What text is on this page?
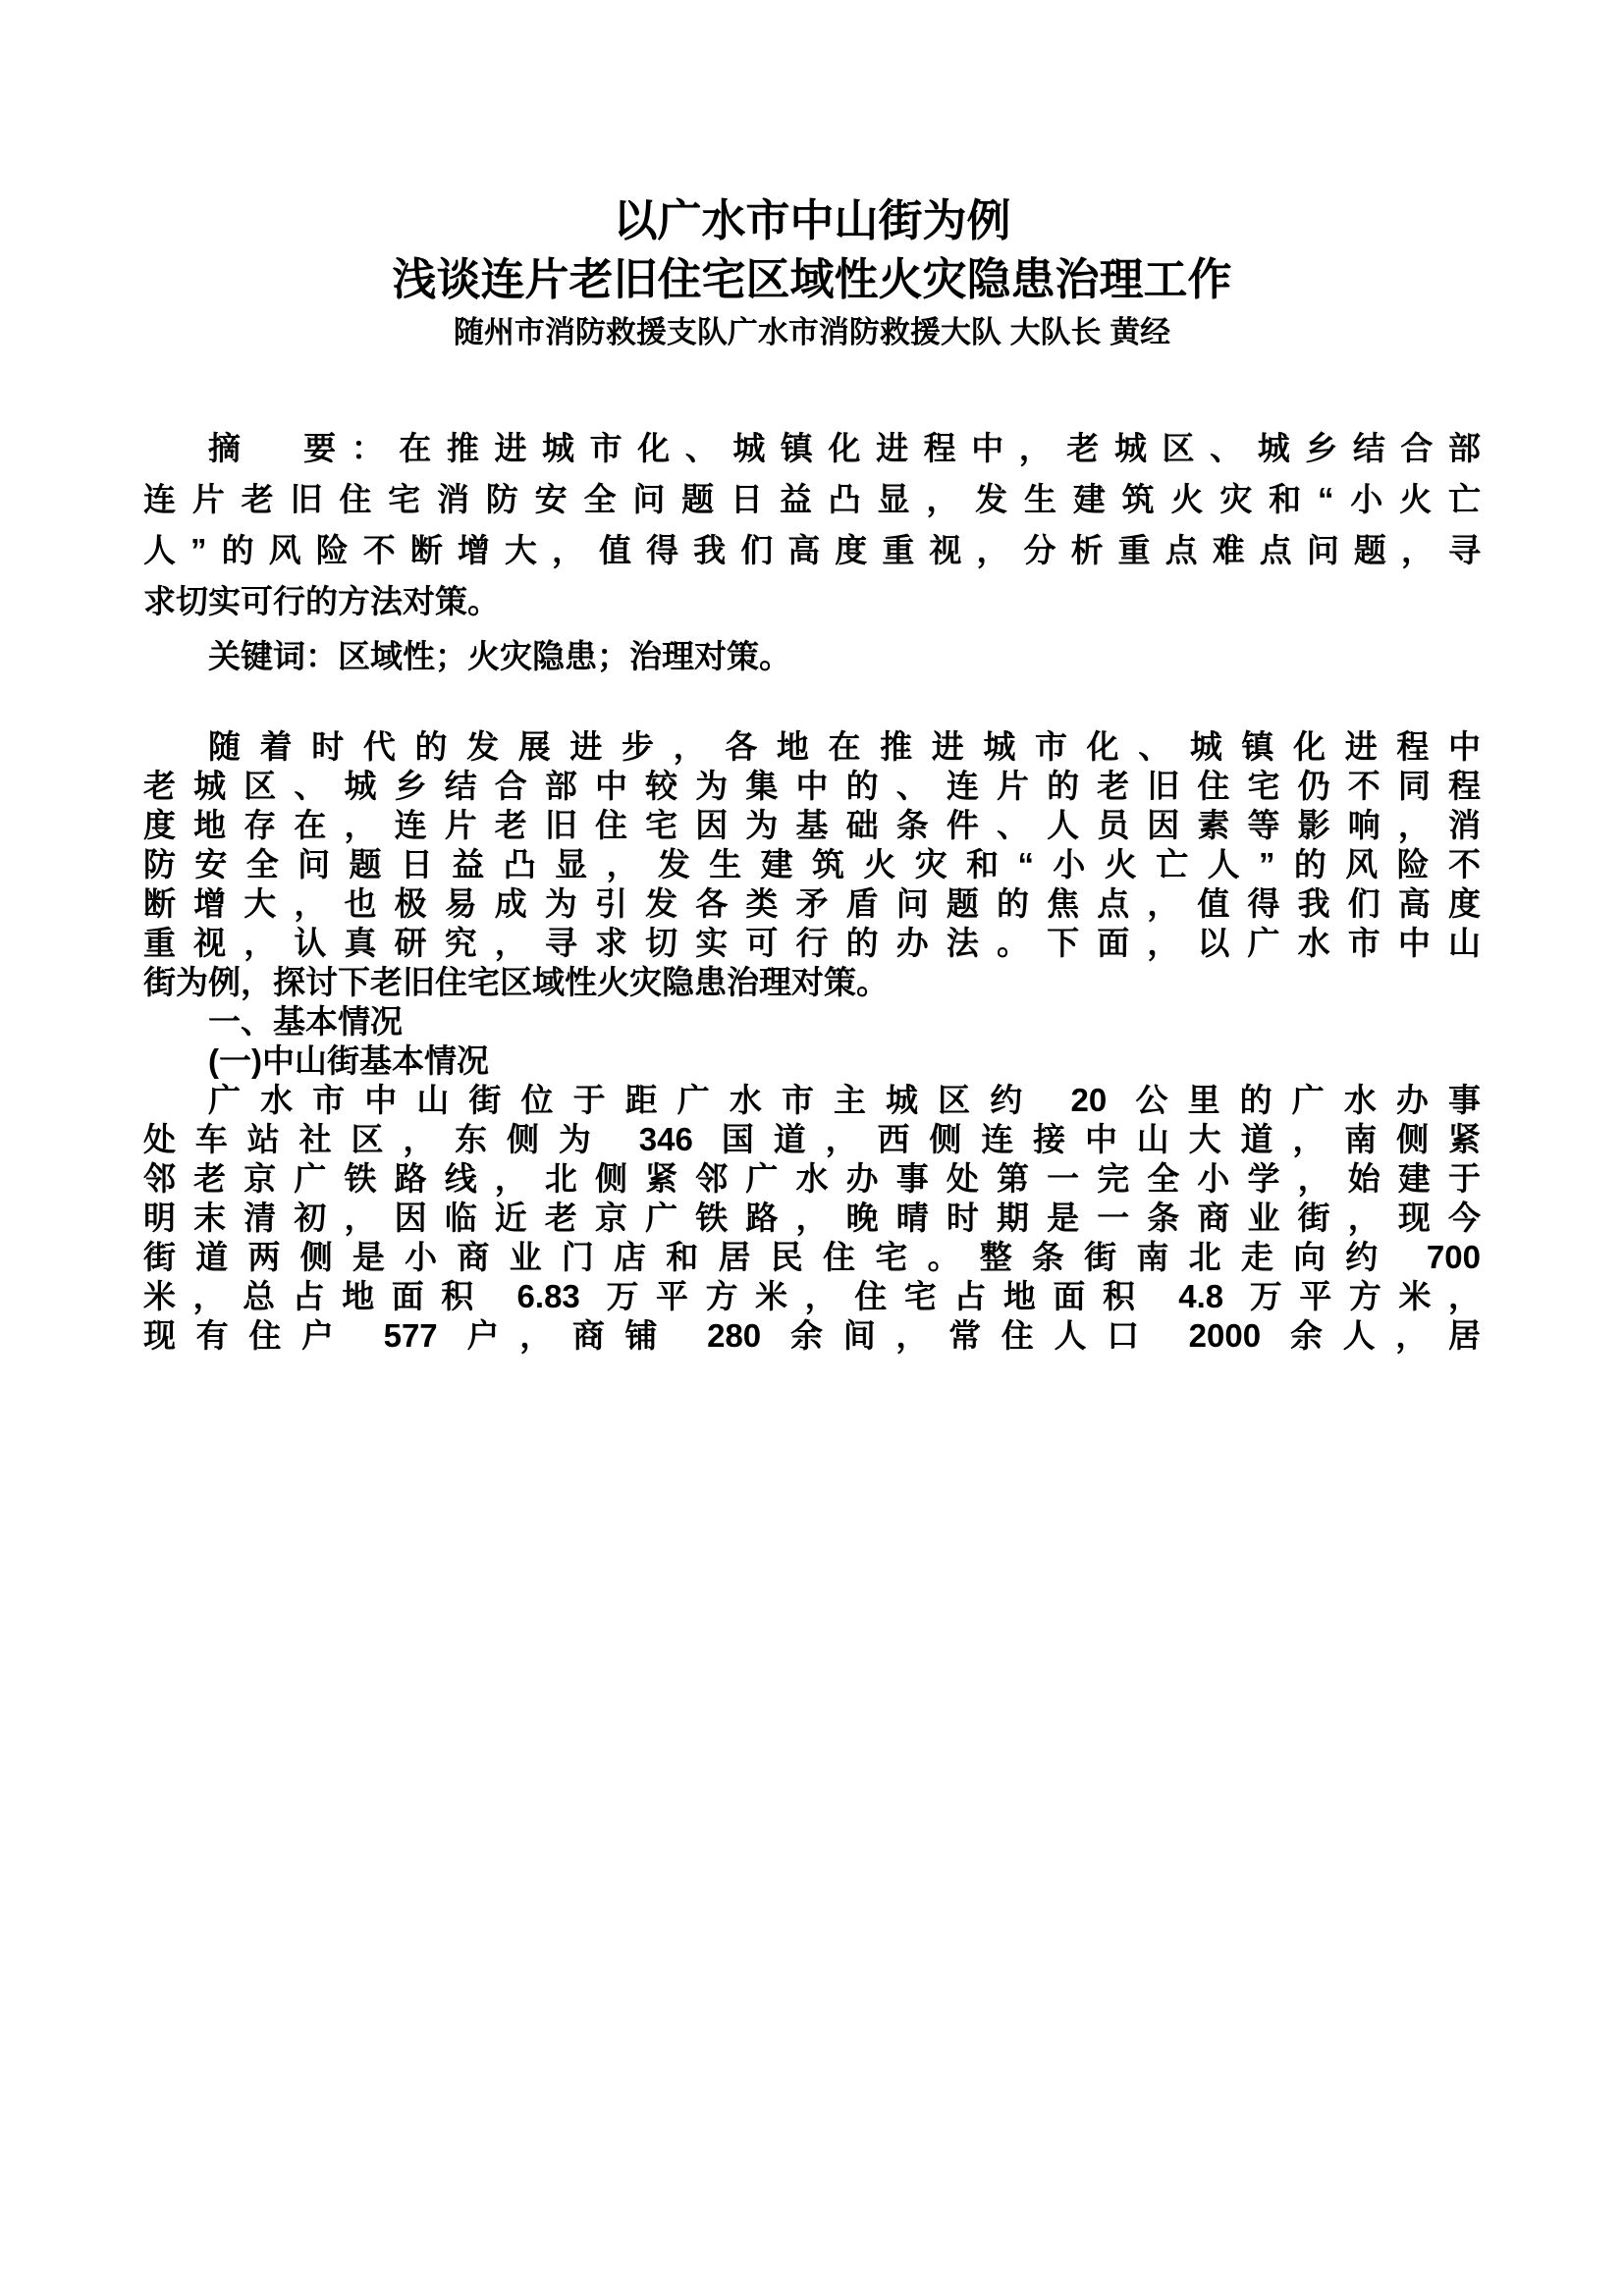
以广水市中山街为例
浅谈连片老旧住宅区域性火灾隐患治理工作
随州市消防救援支队广水市消防救援大队 大队长 黄经
摘　要：在推进城市化、城镇化进程中，老城区、城乡结合部
连片老旧住宅消防安全问题日益凸显，发生建筑火灾和“小火亡
人”的风险不断增大，值得我们高度重视，分析重点难点问题，寻
求切实可行的方法对策。
关键词：区域性；火灾隐患；治理对策。
随着时代的发展进步，各地在推进城市化、城镇化进程中
老城区、城乡结合部中较为集中的、连片的老旧住宅仍不同程
度地存在，连片老旧住宅因为基础条件、人员因素等影响，消
防安全问题日益凸显，发生建筑火灾和“小火亡人”的风险不
断增大，也极易成为引发各类矛盾问题的焦点，值得我们高度
重视，认真研究，寻求切实可行的办法。下面，以广水市中山
街为例，探讨下老旧住宅区域性火灾隐患治理对策。
一、基本情况
(一)中山街基本情况
广水市中山街位于距广水市主城区约 20 公里的广水办事
处车站社区，东侧为 346 国道，西侧连接中山大道，南侧紧
邻老京广铁路线，北侧紧邻广水办事处第一完全小学，始建于
明末清初，因临近老京广铁路，晚晴时期是一条商业街，现今
街道两侧是小商业门店和居民住宅。整条街南北走向约 700
米，总占地面积 6.83 万平方米，住宅占地面积 4.8 万平方米，
现有住户 577 户，商铺 280 余间，常住人口 2000 余人，居
